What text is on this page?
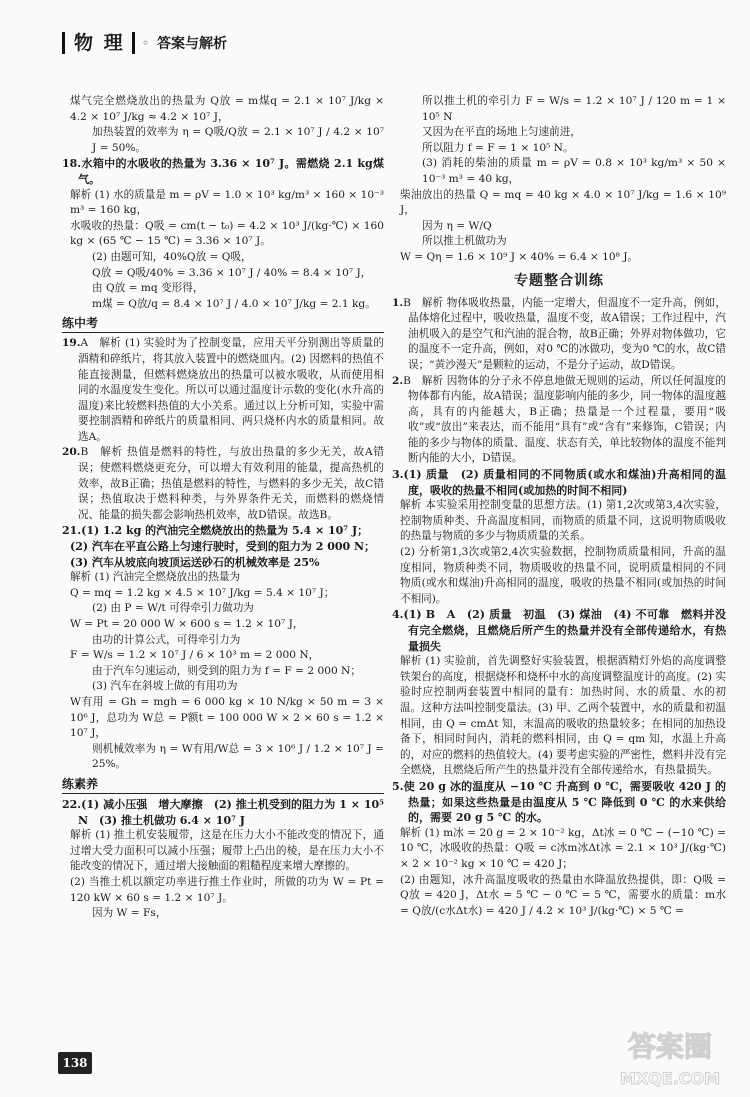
物 理 ◦ 答案与解析

煤气完全燃烧放出的热量为 Q放 = m煤q = 2.1 × 10⁷ J/kg × 4.2 × 10⁷ J/kg ≈ 4.2 × 10⁷ J，

加热装置的效率为 η = Q吸/Q放 = 2.1 × 10⁷ J / 4.2 × 10⁷ J = 50%。

18.水箱中的水吸收的热量为 3.36 × 10⁷ J。需燃烧 2.1 kg煤气。

解析 (1) 水的质量是 m = ρV = 1.0 × 10³ kg/m³ × 160 × 10⁻³ m³ = 160 kg，

水吸收的热量：Q吸 = cm(t − t₀) = 4.2 × 10³ J/(kg·℃) × 160 kg × (65 ℃ − 15 ℃) = 3.36 × 10⁷ J。

(2) 由题可知，40%Q放 = Q吸，

Q放 = Q吸/40% = 3.36 × 10⁷ J / 40% = 8.4 × 10⁷ J，

由 Q放 = mq 变形得，

m煤 = Q放/q = 8.4 × 10⁷ J / 4.0 × 10⁷ J/kg = 2.1 kg。

练中考

19.A　解析 (1) 实验时为了控制变量，应用天平分别测出等质量的酒精和碎纸片，将其放入装置中的燃烧皿内。(2) 因燃料的热值不能直接测量，但燃料燃烧放出的热量可以被水吸收，从而使用相同的水温度发生变化。所以可以通过温度计示数的变化(水升高的温度)来比较燃料热值的大小关系。通过以上分析可知，实验中需要控制酒精和碎纸片的质量相同、两只烧杯内水的质量相同。故选A。

20.B　解析 热值是燃料的特性，与放出热量的多少无关，故A错误；使燃料燃烧更充分，可以增大有效利用的能量，提高热机的效率，故B正确；热值是燃料的特性，与燃料的多少无关，故C错误；热值取决于燃料种类，与外界条件无关，而燃料的燃烧情况、能量的损失都会影响热机效率，故D错误。故选B。

21.(1) 1.2 kg 的汽油完全燃烧放出的热量为 5.4 × 10⁷ J；

(2) 汽车在平直公路上匀速行驶时，受到的阻力为 2 000 N；

(3) 汽车从坡底向坡顶运送砂石的机械效率是 25%

解析 (1) 汽油完全燃烧放出的热量为

Q = mq = 1.2 kg × 4.5 × 10⁷ J/kg = 5.4 × 10⁷ J；

(2) 由 P = W/t 可得牵引力做功为

W = Pt = 20 000 W × 600 s = 1.2 × 10⁷ J，

由功的计算公式，可得牵引力为

F = W/s = 1.2 × 10⁷ J / 6 × 10³ m = 2 000 N，

由于汽车匀速运动，则受到的阻力为 f = F = 2 000 N；

(3) 汽车在斜坡上做的有用功为

W有用 = Gh = mgh = 6 000 kg × 10 N/kg × 50 m = 3 × 10⁶ J，总功为 W总 = P额t = 100 000 W × 2 × 60 s = 1.2 × 10⁷ J，

则机械效率为 η = W有用/W总 = 3 × 10⁶ J / 1.2 × 10⁷ J = 25%。

练素养

22.(1) 减小压强　增大摩擦　(2) 推土机受到的阻力为 1 × 10⁵ N　(3) 推土机做功 6.4 × 10⁷ J

解析 (1) 推土机安装履带，这是在压力大小不能改变的情况下，通过增大受力面积可以减小压强；履带上凸出的棱，是在压力大小不能改变的情况下，通过增大接触面的粗糙程度来增大摩擦的。

(2) 当推土机以额定功率进行推土作业时，所做的功为 W = Pt = 120 kW × 60 s = 1.2 × 10⁷ J。

因为 W = Fs，

所以推土机的牵引力 F = W/s = 1.2 × 10⁷ J / 120 m = 1 × 10⁵ N

又因为在平直的场地上匀速前进，

所以阻力 f = F = 1 × 10⁵ N。

(3) 消耗的柴油的质量 m = ρV = 0.8 × 10³ kg/m³ × 50 × 10⁻³ m³ = 40 kg，

柴油放出的热量 Q = mq = 40 kg × 4.0 × 10⁷ J/kg = 1.6 × 10⁹ J，

因为 η = W/Q

所以推土机做功为

W = Qη = 1.6 × 10⁹ J × 40% = 6.4 × 10⁸ J。

专题整合训练

1.B　解析 物体吸收热量，内能一定增大，但温度不一定升高，例如，晶体熔化过程中，吸收热量，温度不变，故A错误；工作过程中，汽油机吸入的是空气和汽油的混合物，故B正确；外界对物体做功，它的温度不一定升高，例如，对0 ℃的冰做功，变为0 ℃的水，故C错误；“黄沙漫天”是颗粒的运动，不是分子运动，故D错误。

2.B　解析 因物体的分子永不停息地做无规则的运动，所以任何温度的物体都有内能，故A错误；温度影响内能的多少，同一物体的温度越高，具有的内能越大，B正确；热量是一个过程量，要用“吸收”或“放出”来表达，而不能用“具有”或“含有”来修饰，C错误；内能的多少与物体的质量、温度、状态有关，单比较物体的温度不能判断内能的大小，D错误。

3.(1) 质量　(2) 质量相同的不同物质(或水和煤油)升高相同的温度，吸收的热量不相同(或加热的时间不相同)

解析 本实验采用控制变量的思想方法。(1) 第1,2次或第3,4次实验，控制物质种类、升高温度相同，而物质的质量不同，这说明物质吸收的热量与物质的多少与物质质量的关系。

(2) 分析第1,3次或第2,4次实验数据，控制物质质量相同，升高的温度相同，物质种类不同，物质吸收的热量不同，说明质量相同的不同物质(或水和煤油)升高相同的温度，吸收的热量不相同(或加热的时间不相同)。

4.(1) B　A　(2) 质量　初温　(3) 煤油　(4) 不可靠　燃料并没有完全燃烧，且燃烧后所产生的热量并没有全部传递给水，有热量损失

解析 (1) 实验前，首先调整好实验装置，根据酒精灯外焰的高度调整铁架台的高度，根据烧杯和烧杯中水的高度调整温度计的高度。(2) 实验时应控制两套装置中相同的量有：加热时间、水的质量、水的初温。这种方法叫控制变量法。(3) 甲、乙两个装置中，水的质量和初温相同，由 Q = cmΔt 知，末温高的吸收的热量较多；在相同的加热设备下，相同时间内，消耗的燃料相同，由 Q = qm 知，水温上升高的，对应的燃料的热值较大。(4) 要考虑实验的严密性，燃料并没有完全燃烧，且燃烧后所产生的热量并没有全部传递给水，有热量损失。

5.使 20 g 冰的温度从 −10 ℃ 升高到 0 ℃，需要吸收 420 J 的热量；如果这些热量是由温度从 5 ℃ 降低到 0 ℃ 的水来供给的，需要 20 g 5 ℃ 的水。

解析 (1) m冰 = 20 g = 2 × 10⁻² kg，Δt冰 = 0 ℃ − (−10 ℃) = 10 ℃，冰吸收的热量：Q吸 = c冰m冰Δt冰 = 2.1 × 10³ J/(kg·℃) × 2 × 10⁻² kg × 10 ℃ = 420 J；

(2) 由题知，冰升高温度吸收的热量由水降温放热提供，即：Q吸 = Q放 = 420 J，Δt水 = 5 ℃ − 0 ℃ = 5 ℃，需要水的质量：m水 = Q放/(c水Δt水) = 420 J / 4.2 × 10³ J/(kg·℃) × 5 ℃ =

138	答案圈
MXQE.COM
